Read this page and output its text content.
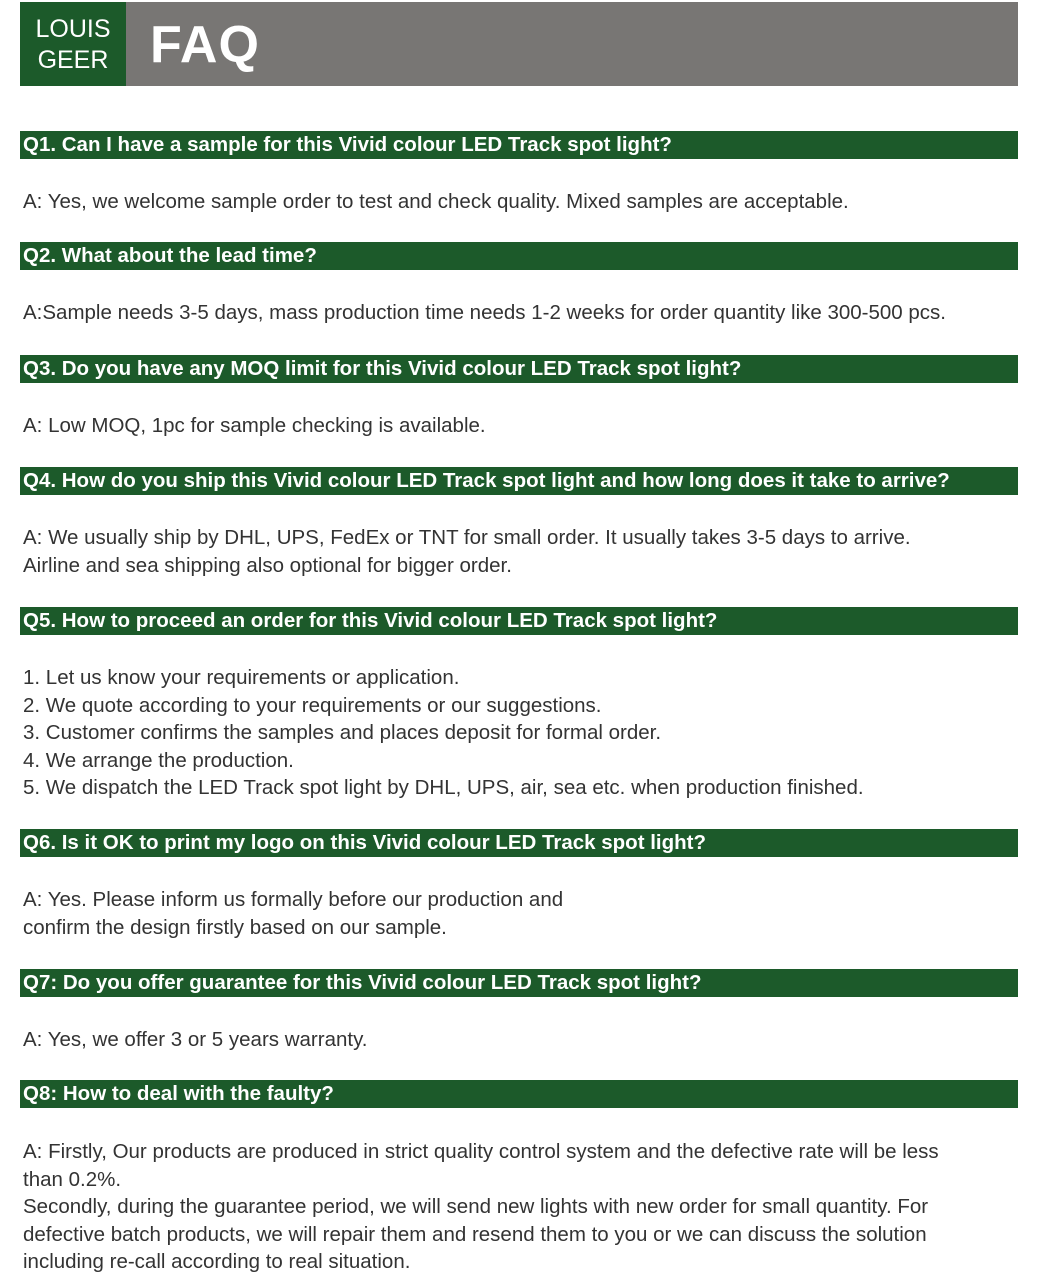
LOUIS
GEER FAQ
Q1. Can I have a sample for this Vivid colour LED Track spot light?
A: Yes, we welcome sample order to test and check quality. Mixed samples are acceptable.
Q2. What about the lead time?
A:Sample needs 3-5 days, mass production time needs 1-2 weeks for order quantity like 300-500 pcs.
Q3. Do you have any MOQ limit for this Vivid colour LED Track spot light?
A: Low MOQ, 1pc for sample checking is available.
Q4. How do you ship this Vivid colour LED Track spot light and how long does it take to arrive?
A: We usually ship by DHL, UPS, FedEx or TNT for small order. It usually takes 3-5 days to arrive.
Airline and sea shipping also optional for bigger order.
Q5. How to proceed an order for this Vivid colour LED Track spot light?
1. Let us know your requirements or application.
2. We quote according to your requirements or our suggestions.
3. Customer confirms the samples and places deposit for formal order.
4. We arrange the production.
5. We dispatch the LED Track spot light by DHL, UPS, air, sea etc. when production finished.
Q6. Is it OK to print my logo on this Vivid colour LED Track spot light?
A: Yes. Please inform us formally before our production and
confirm the design firstly based on our sample.
Q7: Do you offer guarantee for this Vivid colour LED Track spot light?
A: Yes, we offer 3 or 5 years warranty.
Q8: How to deal with the faulty?
A: Firstly, Our products are produced in strict quality control system and the defective rate will be less
than 0.2%.
Secondly, during the guarantee period, we will send new lights with new order for small quantity. For
defective batch products, we will repair them and resend them to you or we can discuss the solution
including re-call according to real situation.
